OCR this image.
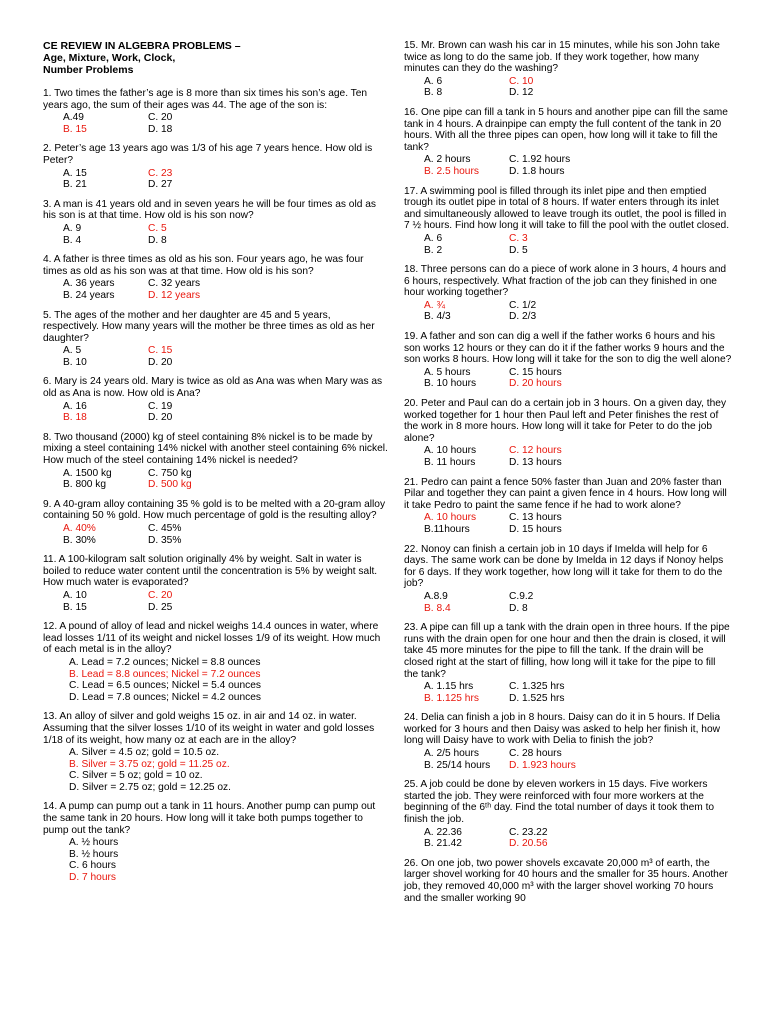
CE REVIEW IN ALGEBRA PROBLEMS –
Age, Mixture, Work, Clock,
Number Problems
1. Two times the father’s age is 8 more than six times his son’s age. Ten years ago, the sum of their ages was 44. The age of the son is:
A.49	C. 20
B. 15	D. 18
2. Peter’s age 13 years ago was 1/3 of his age 7 years hence. How old is Peter?
A. 15	C. 23
B. 21	D. 27
3. A man is 41 years old and in seven years he will be four times as old as his son is at that time. How old is his son now?
A. 9	C. 5
B. 4	D. 8
4. A father is three times as old as his son. Four years ago, he was four times as old as his son was at that time. How old is his son?
A. 36 years	C. 32 years
B. 24 years	D. 12 years
5. The ages of the mother and her daughter are 45 and 5 years, respectively. How many years will the mother be three times as old as her daughter?
A. 5	C. 15
B. 10	D. 20
6. Mary is 24 years old. Mary is twice as old as Ana was when Mary was as old as Ana is now. How old is Ana?
A. 16	C. 19
B. 18	D. 20
8. Two thousand (2000) kg of steel containing 8% nickel is to be made by mixing a steel containing 14% nickel with another steel containing 6% nickel. How much of the steel containing 14% nickel is needed?
A. 1500 kg	C. 750 kg
B. 800 kg	D. 500 kg
9. A 40-gram alloy containing 35 % gold is to be melted with a 20-gram alloy containing 50 % gold. How much percentage of gold is the resulting alloy?
A. 40%	C. 45%
B. 30%	D. 35%
11. A 100-kilogram salt solution originally 4% by weight. Salt in water is boiled to reduce water content until the concentration is 5% by weight salt. How much water is evaporated?
A. 10	C. 20
B. 15	D. 25
12. A pound of alloy of lead and nickel weighs 14.4 ounces in water, where lead losses 1/11 of its weight and nickel losses 1/9 of its weight. How much of each metal is in the alloy?
A. Lead = 7.2 ounces; Nickel = 8.8 ounces
B. Lead = 8.8 ounces; Nickel = 7.2 ounces
C. Lead = 6.5 ounces; Nickel = 5.4 ounces
D. Lead = 7.8 ounces; Nickel = 4.2 ounces
13. An alloy of silver and gold weighs 15 oz. in air and 14 oz. in water. Assuming that the silver losses 1/10 of its weight in water and gold losses 1/18 of its weight, how many oz at each are in the alloy?
A. Silver = 4.5 oz; gold = 10.5 oz.
B. Silver = 3.75 oz; gold = 11.25 oz.
C. Silver = 5 oz; gold = 10 oz.
D. Silver = 2.75 oz; gold = 12.25 oz.
14. A pump can pump out a tank in 11 hours. Another pump can pump out the same tank in 20 hours. How long will it take both pumps together to pump out the tank?
A. ½ hours
B. ½ hours
C. 6 hours
D. 7 hours
15. Mr. Brown can wash his car in 15 minutes, while his son John take twice as long to do the same job. If they work together, how many minutes can they do the washing?
A. 6	C. 10
B. 8	D. 12
16. One pipe can fill a tank in 5 hours and another pipe can fill the same tank in 4 hours. A drainpipe can empty the full content of the tank in 20 hours. With all the three pipes can open, how long will it take to fill the tank?
A. 2 hours	C. 1.92 hours
B. 2.5 hours	D. 1.8 hours
17. A swimming pool is filled through its inlet pipe and then emptied trough its outlet pipe in total of 8 hours. If water enters through its inlet and simultaneously allowed to leave trough its outlet, the pool is filled in 7 ½ hours. Find how long it will take to fill the pool with the outlet closed.
A. 6	C. 3
B. 2	D. 5
18. Three persons can do a piece of work alone in 3 hours, 4 hours and 6 hours, respectively. What fraction of the job can they finished in one hour working together?
A. ¾	C. 1/2
B. 4/3	D. 2/3
19. A father and son can dig a well if the father works 6 hours and his son works 12 hours or they can do it if the father works 9 hours and the son works 8 hours. How long will it take for the son to dig the well alone?
A. 5 hours	C. 15 hours
B. 10 hours	D. 20 hours
20. Peter and Paul can do a certain job in 3 hours. On a given day, they worked together for 1 hour then Paul left and Peter finishes the rest of the work in 8 more hours. How long will it take for Peter to do the job alone?
A. 10 hours	C. 12 hours
B. 11 hours	D. 13 hours
21. Pedro can paint a fence 50% faster than Juan and 20% faster than Pilar and together they can paint a given fence in 4 hours. How long will it take Pedro to paint the same fence if he had to work alone?
A. 10 hours	C. 13 hours
B.11hours	D. 15 hours
22. Nonoy can finish a certain job in 10 days if Imelda will help for 6 days. The same work can be done by Imelda in 12 days if Nonoy helps for 6 days. If they work together, how long will it take for them to do the job?
A.8.9	C.9.2
B. 8.4	D. 8
23. A pipe can fill up a tank with the drain open in three hours. If the pipe runs with the drain open for one hour and then the drain is closed, it will take 45 more minutes for the pipe to fill the tank. If the drain will be closed right at the start of filling, how long will it take for the pipe to fill the tank?
A. 1.15 hrs	C. 1.325 hrs
B. 1.125 hrs	D. 1.525 hrs
24. Delia can finish a job in 8 hours. Daisy can do it in 5 hours. If Delia worked for 3 hours and then Daisy was asked to help her finish it, how long will Daisy have to work with Delia to finish the job?
A. 2/5 hours	C. 28 hours
B. 25/14 hours	D. 1.923 hours
25. A job could be done by eleven workers in 15 days. Five workers started the job. They were reinforced with four more workers at the beginning of the 6ᵗʰ day. Find the total number of days it took them to finish the job.
A. 22.36	C. 23.22
B. 21.42	D. 20.56
26. On one job, two power shovels excavate 20,000 m³ of earth, the larger shovel working for 40 hours and the smaller for 35 hours. Another job, they removed 40,000 m³ with the larger shovel working 70 hours and the smaller working 90
